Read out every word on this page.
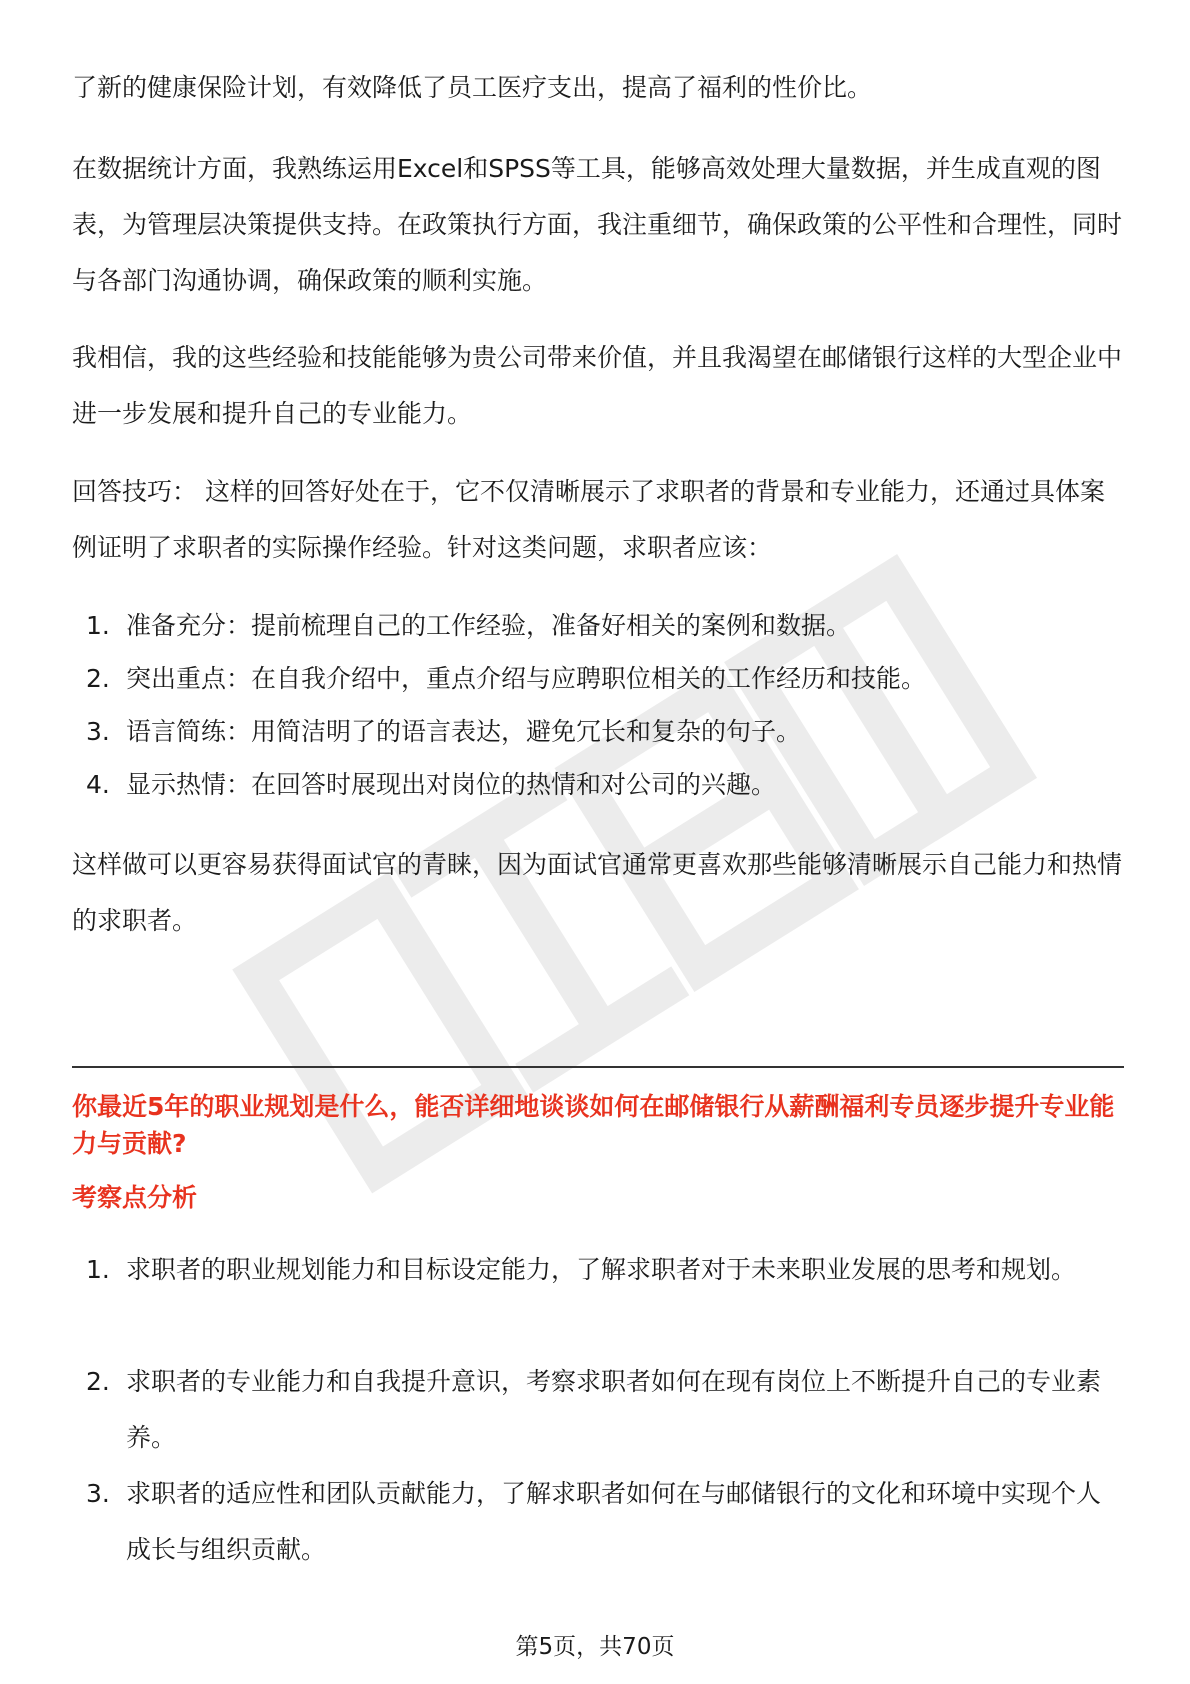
了新的健康保险计划，有效降低了员工医疗支出，提高了福利的性价比。

在数据统计方面，我熟练运用Excel和SPSS等工具，能够高效处理大量数据，并生成直观的图表，为管理层决策提供支持。在政策执行方面，我注重细节，确保政策的公平性和合理性，同时与各部门沟通协调，确保政策的顺利实施。

我相信，我的这些经验和技能能够为贵公司带来价值，并且我渴望在邮储银行这样的大型企业中进一步发展和提升自己的专业能力。

回答技巧： 这样的回答好处在于，它不仅清晰展示了求职者的背景和专业能力，还通过具体案例证明了求职者的实际操作经验。针对这类问题，求职者应该：

1. 准备充分：提前梳理自己的工作经验，准备好相关的案例和数据。
2. 突出重点：在自我介绍中，重点介绍与应聘职位相关的工作经历和技能。
3. 语言简练：用简洁明了的语言表达，避免冗长和复杂的句子。
4. 显示热情：在回答时展现出对岗位的热情和对公司的兴趣。

这样做可以更容易获得面试官的青睐，因为面试官通常更喜欢那些能够清晰展示自己能力和热情的求职者。

你最近5年的职业规划是什么，能否详细地谈谈如何在邮储银行从薪酬福利专员逐步提升专业能力与贡献?

考察点分析

1. 求职者的职业规划能力和目标设定能力，了解求职者对于未来职业发展的思考和规划。
2. 求职者的专业能力和自我提升意识，考察求职者如何在现有岗位上不断提升自己的专业素养。
3. 求职者的适应性和团队贡献能力，了解求职者如何在与邮储银行的文化和环境中实现个人成长与组织贡献。
第5页，共70页
